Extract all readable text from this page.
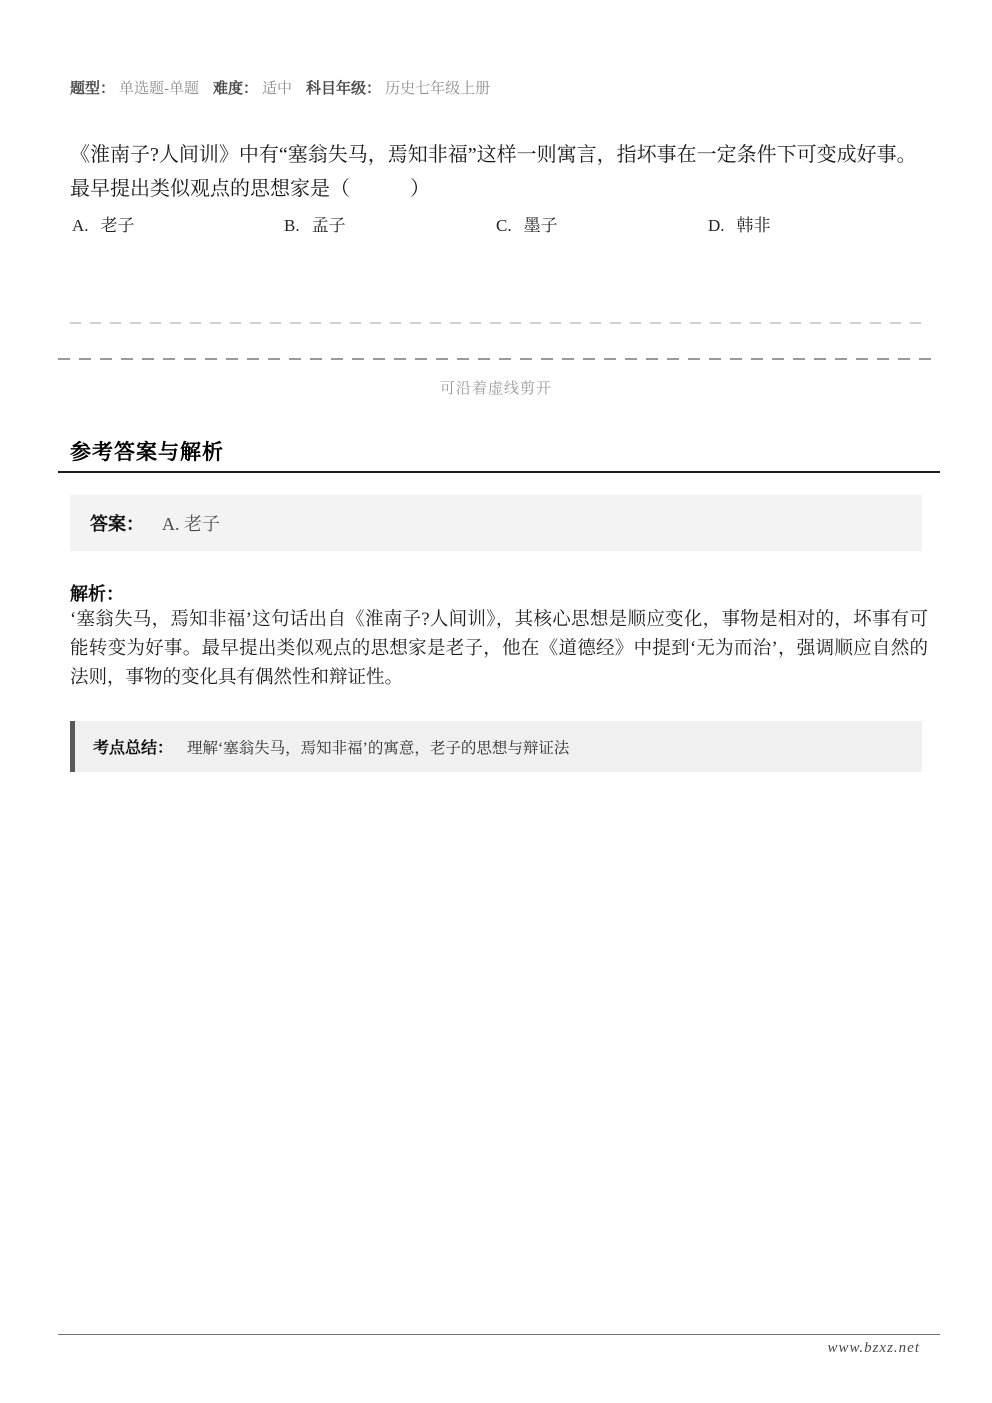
题型： 单选题-单题 难度： 适中 科目年级： 历史七年级上册
《淮南子?人间训》中有“塞翁失马，焉知非福”这样一则寓言，指坏事在一定条件下可变成好事。最早提出类似观点的思想家是（　　　）
A. 老子	B. 孟子	C. 墨子	D. 韩非
可沿着虚线剪开
参考答案与解析
答案： A. 老子
解析：
‘塞翁失马，焉知非福’这句话出自《淮南子?人间训》，其核心思想是顺应变化，事物是相对的，坏事有可能转变为好事。最早提出类似观点的思想家是老子，他在《道德经》中提到‘无为而治’，强调顺应自然的法则，事物的变化具有偶然性和辩证性。
考点总结： 理解‘塞翁失马，焉知非福’的寓意，老子的思想与辩证法
www.bzxz.net
